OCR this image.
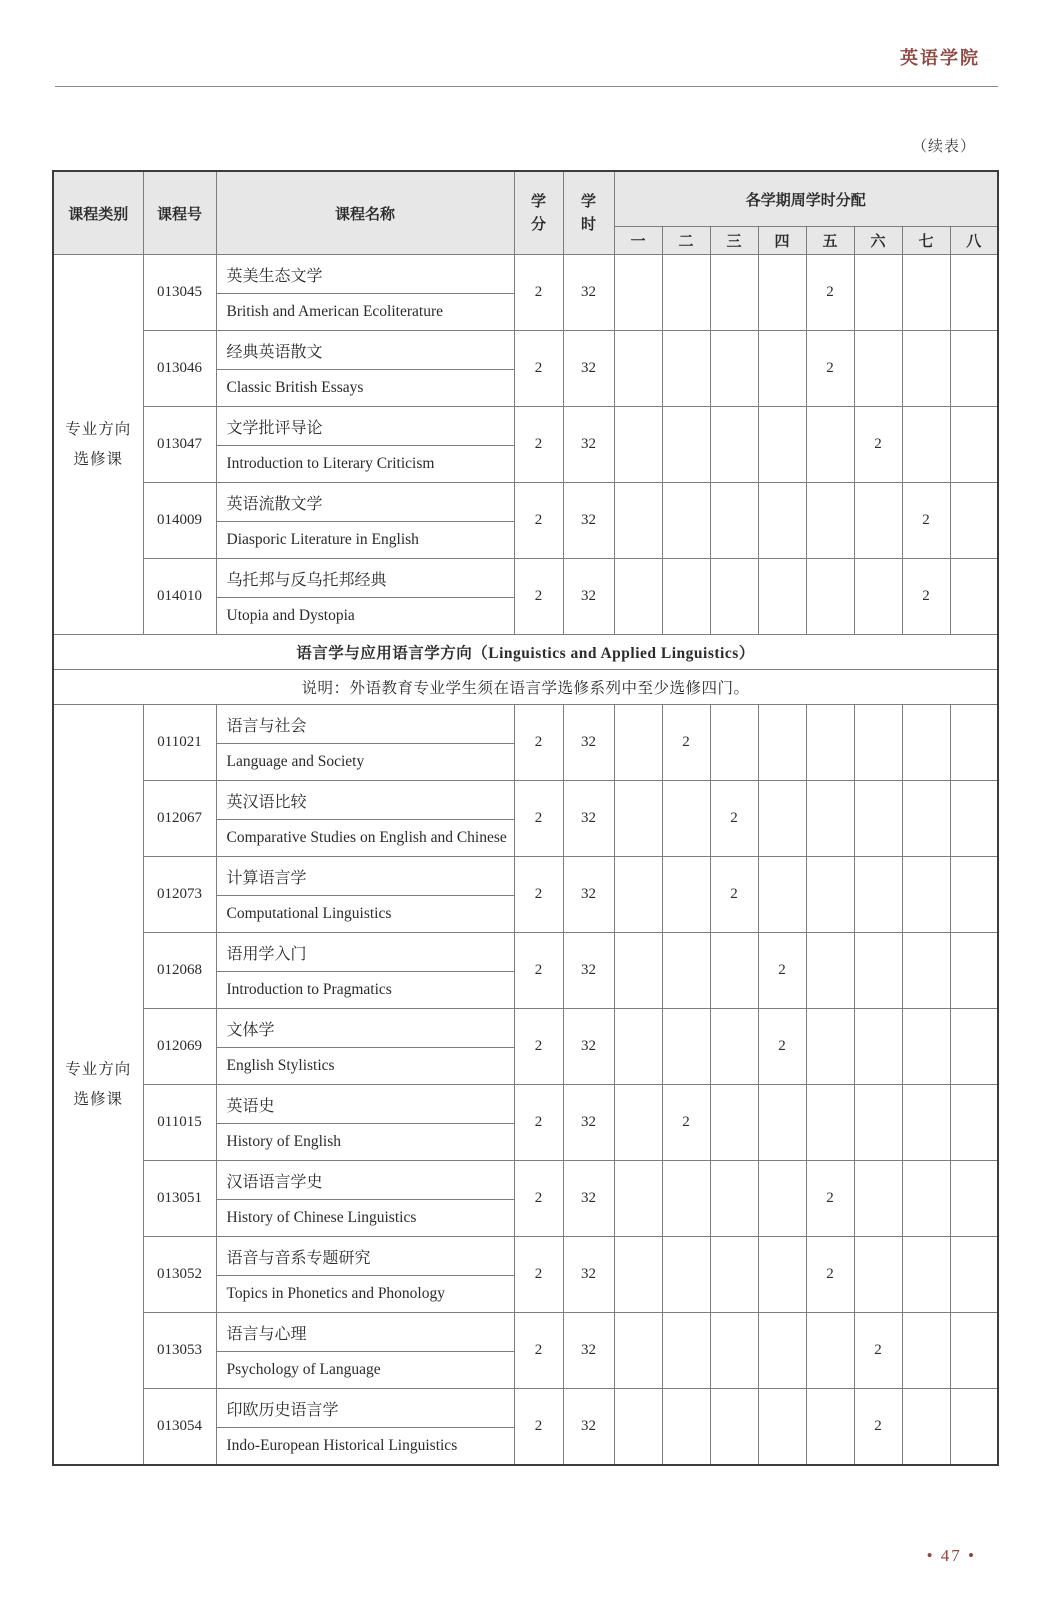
英语学院
（续表）
课程类别	课程号	课程名称	学分	学时	各学期周学时分配							
					一	二	三	四	五	六	七	八

专业方向
选修课	013045	英美生态文学	2	32					2			
		British and American Ecoliterature										
	013046	经典英语散文	2	32					2			
		Classic British Essays										
	013047	文学批评导论	2	32						2		
		Introduction to Literary Criticism										
	014009	英语流散文学	2	32							2	
		Diasporic Literature in English										
	014010	乌托邦与反乌托邦经典	2	32							2	
		Utopia and Dystopia										
语言学与应用语言学方向（Linguistics and Applied Linguistics）												
说明：外语教育专业学生须在语言学选修系列中至少选修四门。												

专业方向
选修课	011021	语言与社会	2	32		2						
		Language and Society										
	012067	英汉语比较	2	32			2					
		Comparative Studies on English and Chinese										
	012073	计算语言学	2	32			2					
		Computational Linguistics										
	012068	语用学入门	2	32				2				
		Introduction to Pragmatics										
	012069	文体学	2	32				2				
		English Stylistics										
	011015	英语史	2	32		2						
		History of English										
	013051	汉语语言学史	2	32					2			
		History of Chinese Linguistics										
	013052	语音与音系专题研究	2	32					2			
		Topics in Phonetics and Phonology										
	013053	语言与心理	2	32						2		
		Psychology of Language										
	013054	印欧历史语言学	2	32						2		
		Indo-European Historical Linguistics										
• 47 •
